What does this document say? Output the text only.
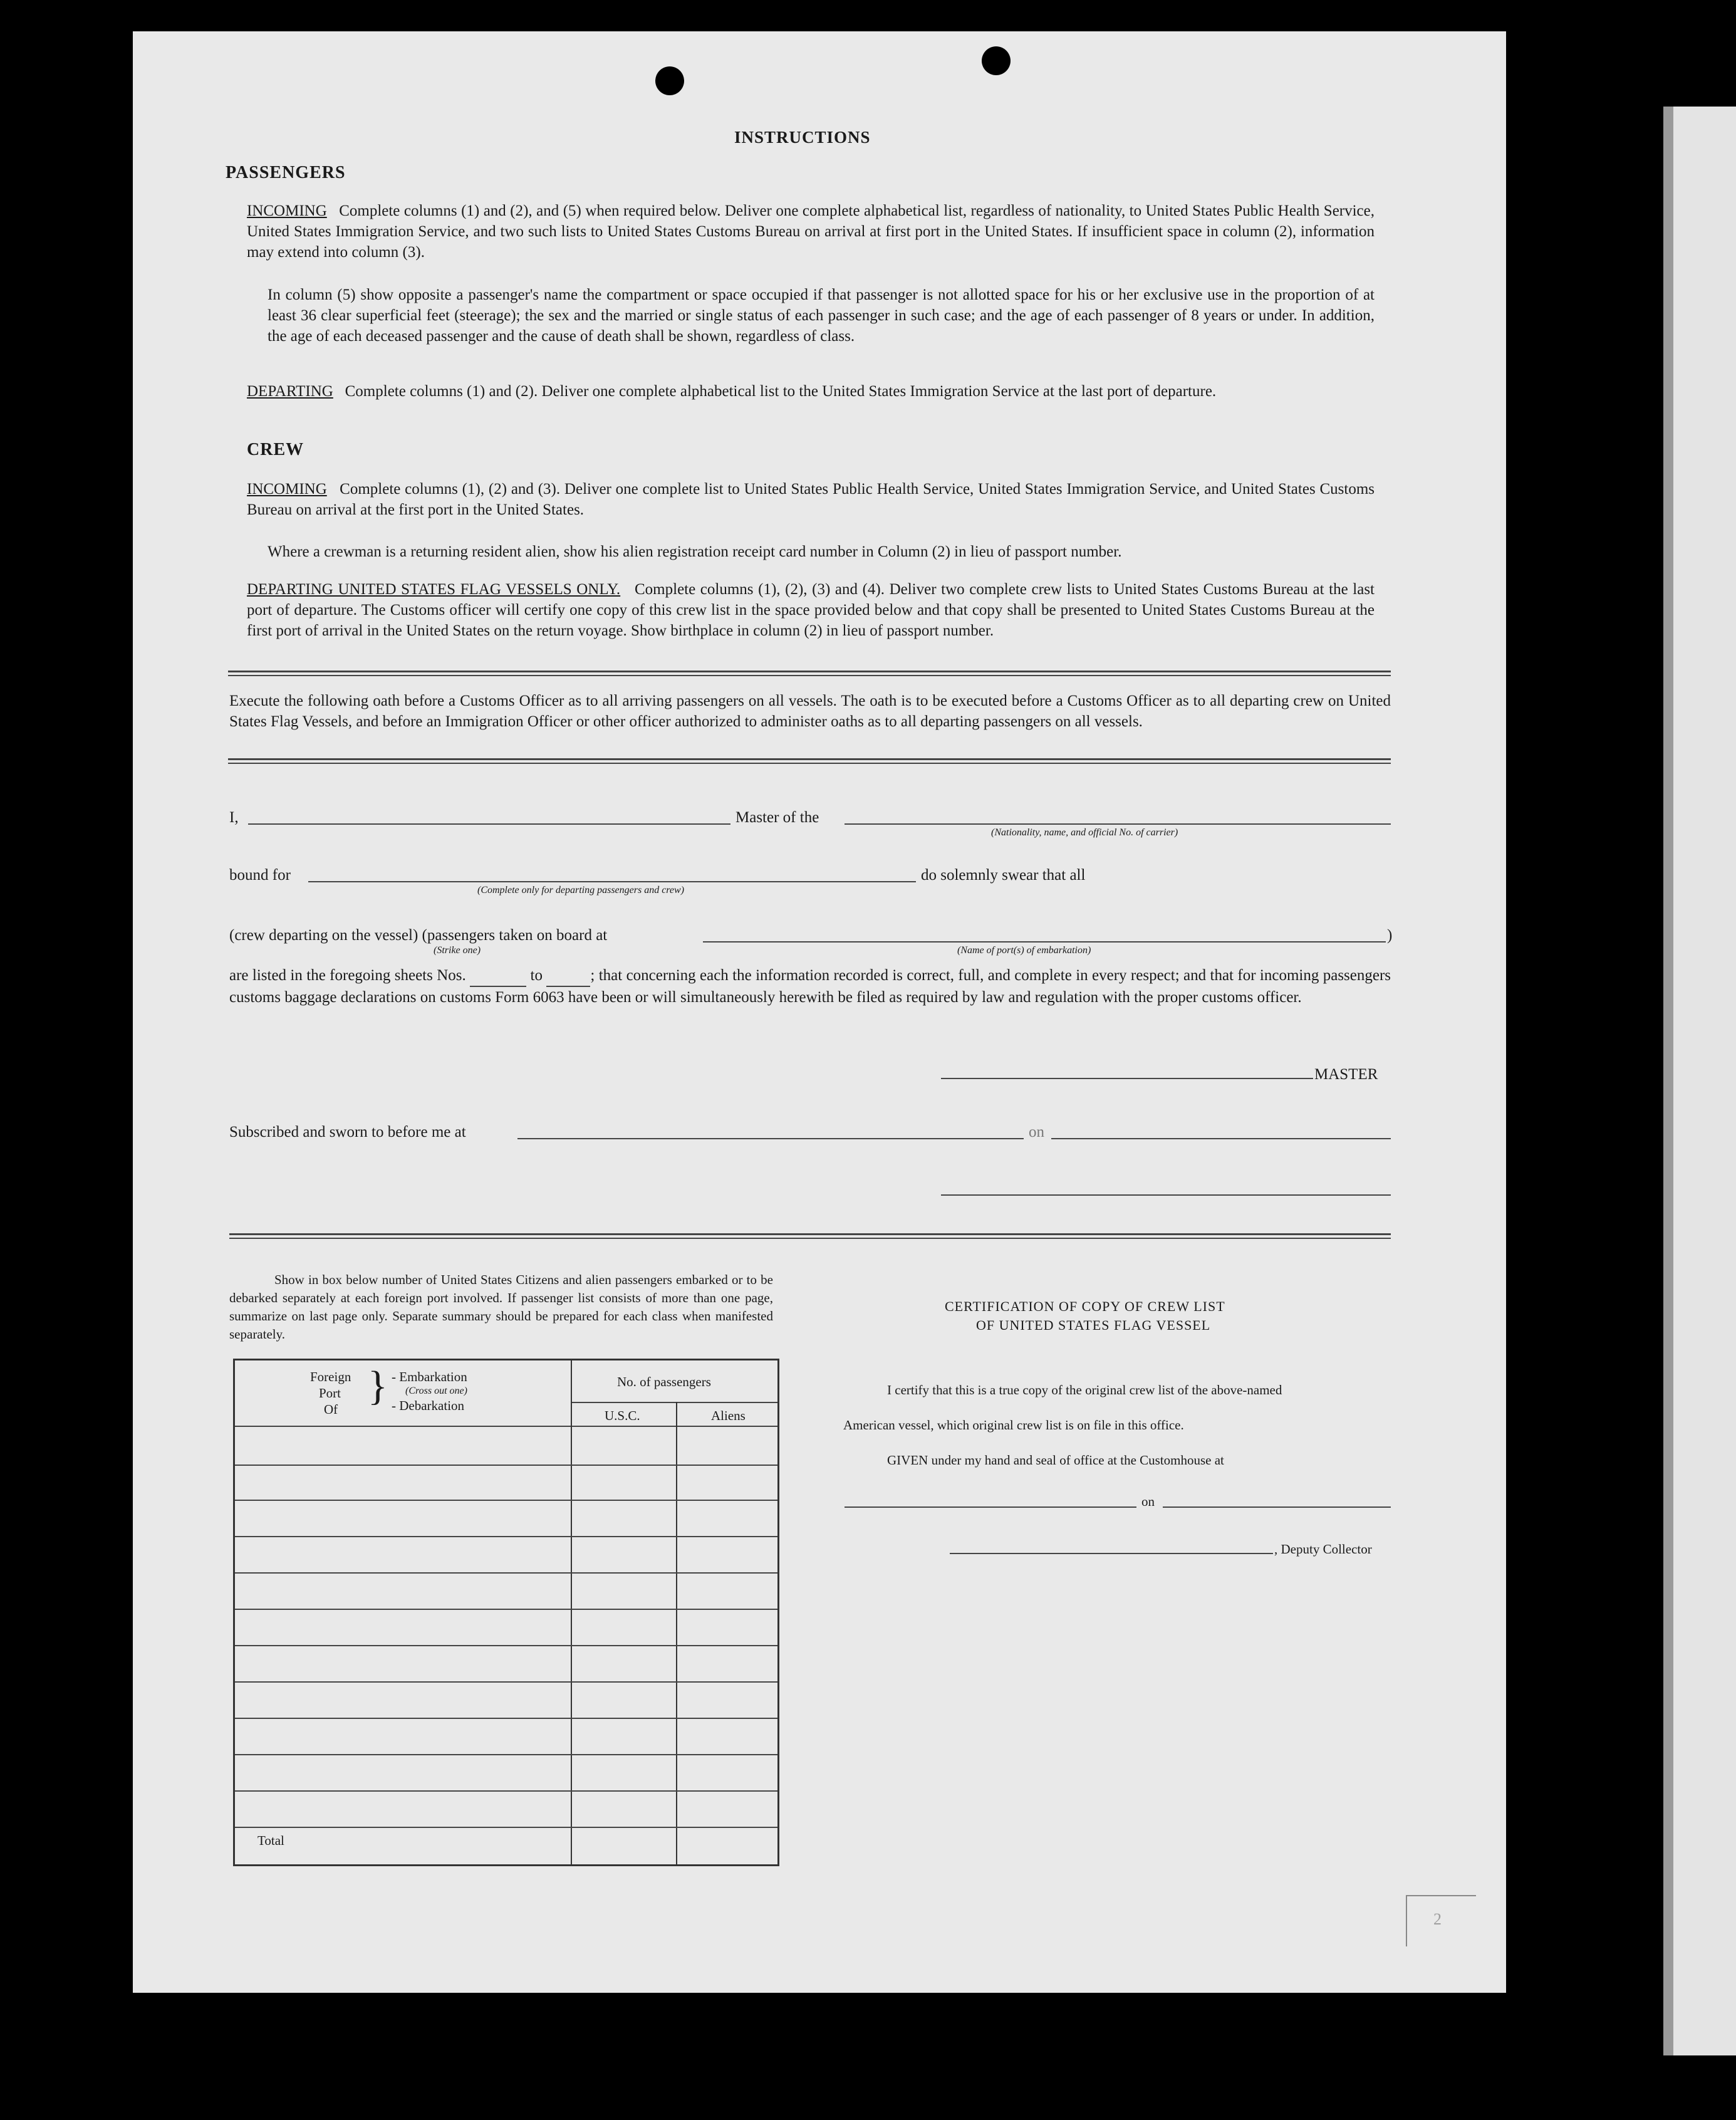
INSTRUCTIONS
PASSENGERS
INCOMING Complete columns (1) and (2), and (5) when required below. Deliver one complete alphabetical list, regardless of nationality, to United States Public Health Service, United States Immigration Service, and two such lists to United States Customs Bureau on arrival at first port in the United States. If insufficient space in column (2), information may extend into column (3).
In column (5) show opposite a passenger's name the compartment or space occupied if that passenger is not allotted space for his or her exclusive use in the proportion of at least 36 clear superficial feet (steerage); the sex and the married or single status of each passenger in such case; and the age of each passenger of 8 years or under. In addition, the age of each deceased passenger and the cause of death shall be shown, regardless of class.
DEPARTING Complete columns (1) and (2). Deliver one complete alphabetical list to the United States Immigration Service at the last port of departure.
CREW
INCOMING Complete columns (1), (2) and (3). Deliver one complete list to United States Public Health Service, United States Immigration Service, and United States Customs Bureau on arrival at the first port in the United States.
Where a crewman is a returning resident alien, show his alien registration receipt card number in Column (2) in lieu of passport number.
DEPARTING UNITED STATES FLAG VESSELS ONLY. Complete columns (1), (2), (3) and (4). Deliver two complete crew lists to United States Customs Bureau at the last port of departure. The Customs officer will certify one copy of this crew list in the space provided below and that copy shall be presented to United States Customs Bureau at the first port of arrival in the United States on the return voyage. Show birthplace in column (2) in lieu of passport number.
Execute the following oath before a Customs Officer as to all arriving passengers on all vessels. The oath is to be executed before a Customs Officer as to all departing crew on United States Flag Vessels, and before an Immigration Officer or other officer authorized to administer oaths as to all departing passengers on all vessels.
I,	Master of the
(Nationality, name, and official No. of carrier)
bound for
(Complete only for departing passengers and crew)
do solemnly swear that all
(crew departing on the vessel) (passengers taken on board at
(Strike one)
)
(Name of port(s) of embarkation)
are listed in the foregoing sheets Nos.	to	; that concerning each the information recorded is correct, full, and complete in every respect; and that for incoming passengers customs baggage declarations on customs Form 6063 have been or will simultaneously herewith be filed as required by law and regulation with the proper customs officer.
MASTER
Subscribed and sworn to before me at	on
Show in box below number of United States Citizens and alien passengers embarked or to be debarked separately at each foreign port involved. If passenger list consists of more than one page, summarize on last page only. Separate summary should be prepared for each class when manifested separately.
Foreign
Port
Of
} - Embarkation
(Cross out one)
- Debarkation
No. of passengers
U.S.C.	Aliens
Total
CERTIFICATION OF COPY OF CREW LIST
OF UNITED STATES FLAG VESSEL
I certify that this is a true copy of the original crew list of the above-named
American vessel, which original crew list is on file in this office.
GIVEN under my hand and seal of office at the Customhouse at
on
, Deputy Collector
2
